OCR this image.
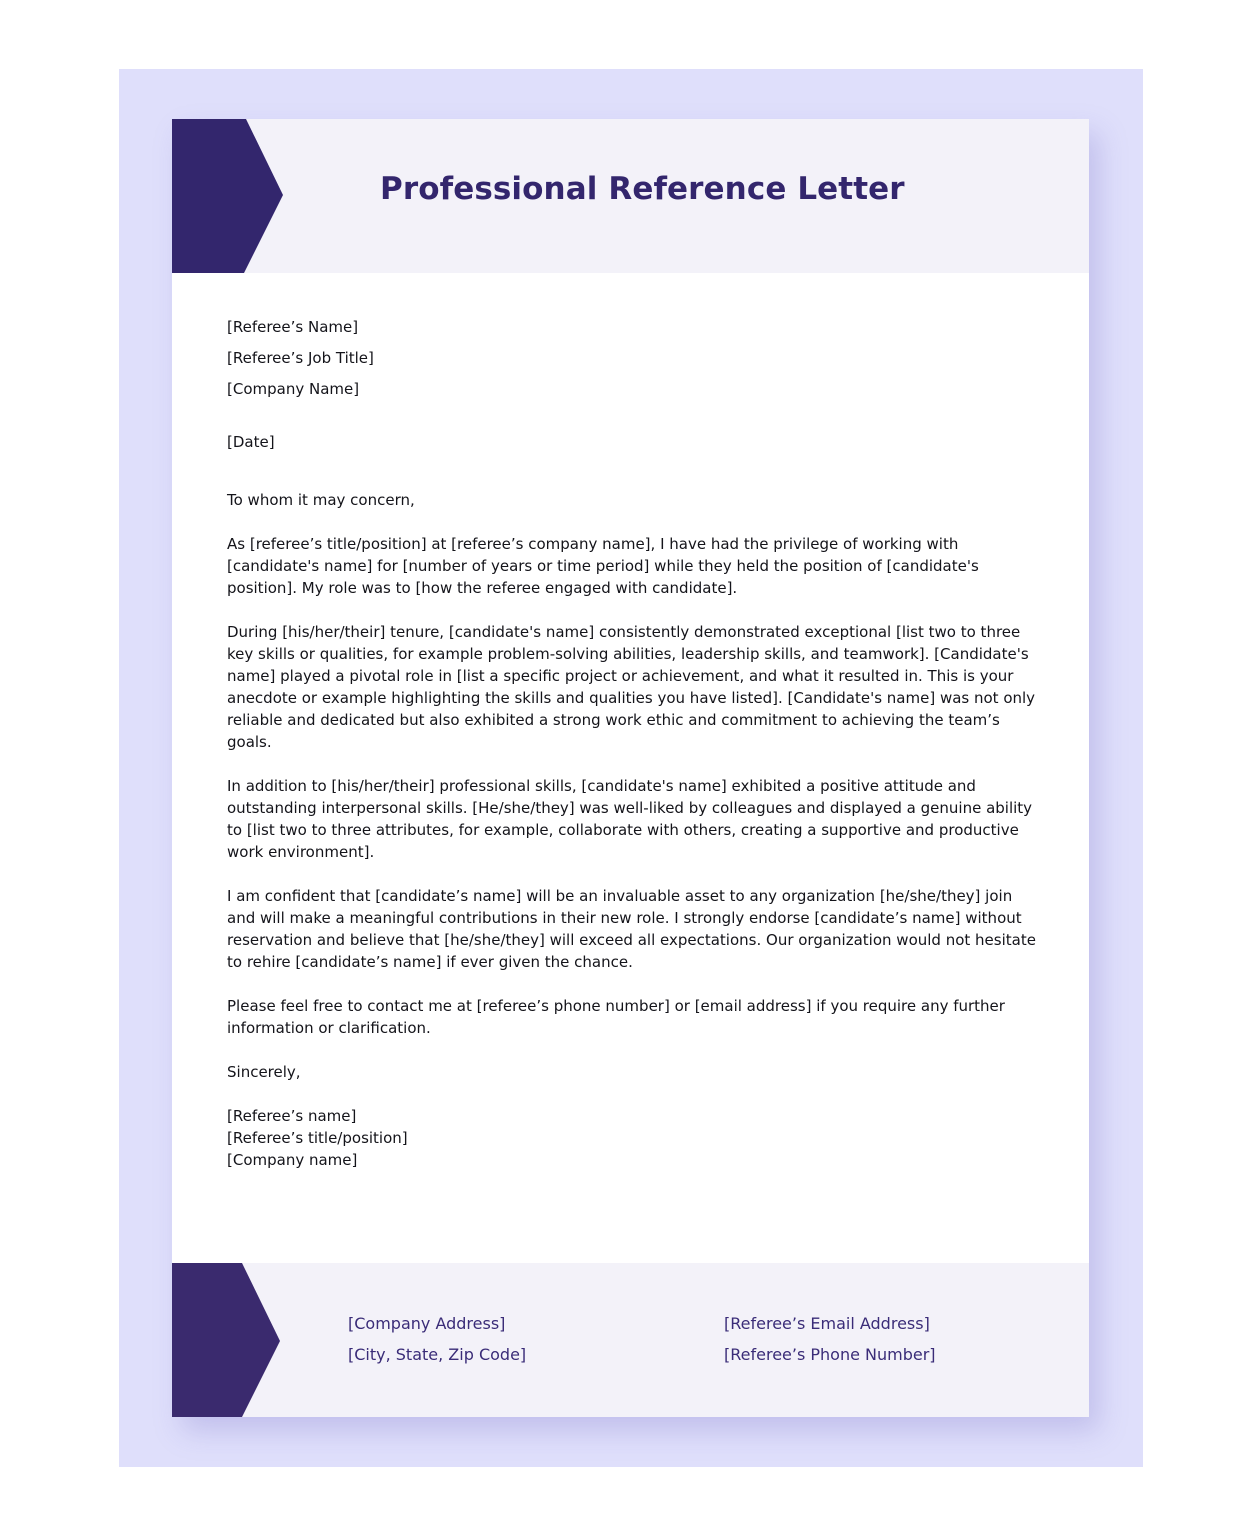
Professional Reference Letter
[Referee’s Name]
[Referee’s Job Title]
[Company Name]
[Date]

To whom it may concern,

As [referee’s title/position] at [referee’s company name], I have had the privilege of working with [candidate's name] for [number of years or time period] while they held the position of [candidate's position]. My role was to [how the referee engaged with candidate].

During [his/her/their] tenure, [candidate's name] consistently demonstrated exceptional [list two to three key skills or qualities, for example problem-solving abilities, leadership skills, and teamwork]. [Candidate's name] played a pivotal role in [list a specific project or achievement, and what it resulted in. This is your anecdote or example highlighting the skills and qualities you have listed]. [Candidate's name] was not only reliable and dedicated but also exhibited a strong work ethic and commitment to achieving the team’s goals.

In addition to [his/her/their] professional skills, [candidate's name] exhibited a positive attitude and outstanding interpersonal skills. [He/she/they] was well-liked by colleagues and displayed a genuine ability to [list two to three attributes, for example, collaborate with others, creating a supportive and productive work environment].

I am confident that [candidate’s name] will be an invaluable asset to any organization [he/she/they] join and will make a meaningful contributions in their new role. I strongly endorse [candidate’s name] without reservation and believe that [he/she/they] will exceed all expectations. Our organization would not hesitate to rehire [candidate’s name] if ever given the chance.

Please feel free to contact me at [referee’s phone number] or [email address] if you require any further information or clarification.

Sincerely,

[Referee’s name]
[Referee’s title/position]
[Company name]
[Company Address]
[City, State, Zip Code]
[Referee’s Email Address]
[Referee’s Phone Number]
